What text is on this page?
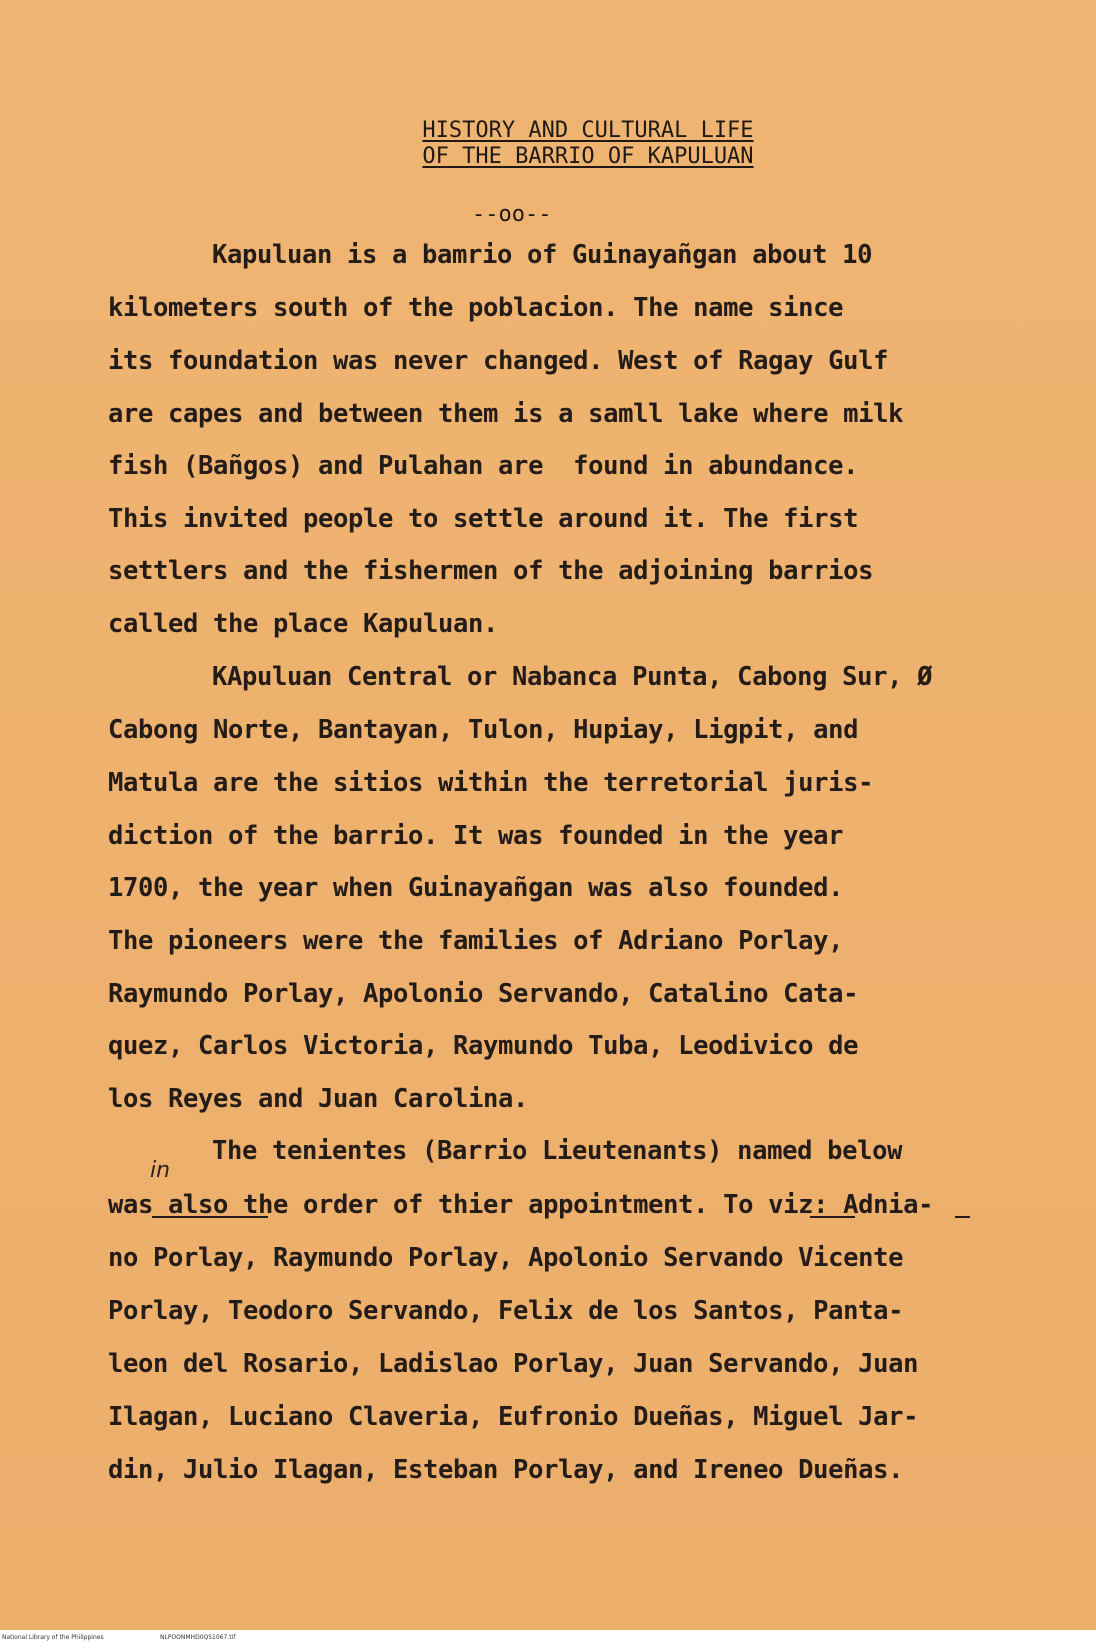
HISTORY AND CULTURAL LIFE
OF THE BARRIO OF KAPULUAN
--oo--
Kapuluan is a bamrio of Guinayañgan about 10
kilometers south of the poblacion. The name since
its foundation was never changed. West of Ragay Gulf
are capes and between them is a samll lake where milk
fish (Bañgos) and Pulahan are  found in abundance.
This invited people to settle around it. The first
settlers and the fishermen of the adjoining barrios
called the place Kapuluan.
KApuluan Central or Nabanca Punta, Cabong Sur, Ø
Cabong Norte, Bantayan, Tulon, Hupiay, Ligpit, and
Matula are the sitios within the terretorial juris-
diction of the barrio. It was founded in the year
1700, the year when Guinayañgan was also founded.
The pioneers were the families of Adriano Porlay,
Raymundo Porlay, Apolonio Servando, Catalino Cata-
quez, Carlos Victoria, Raymundo Tuba, Leodivico de
los Reyes and Juan Carolina.
The tenientes (Barrio Lieutenants) named below
in
was also the order of thier appointment. To viz: Adnia-
no Porlay, Raymundo Porlay, Apolonio Servando Vicente
Porlay, Teodoro Servando, Felix de los Santos, Panta-
leon del Rosario, Ladislao Porlay, Juan Servando, Juan
Ilagan, Luciano Claveria, Eufronio Dueñas, Miguel Jar-
din, Julio Ilagan, Esteban Porlay, and Ireneo Dueñas.
National Library of the Philippines	NLPOONMHD0Q51067.tif
